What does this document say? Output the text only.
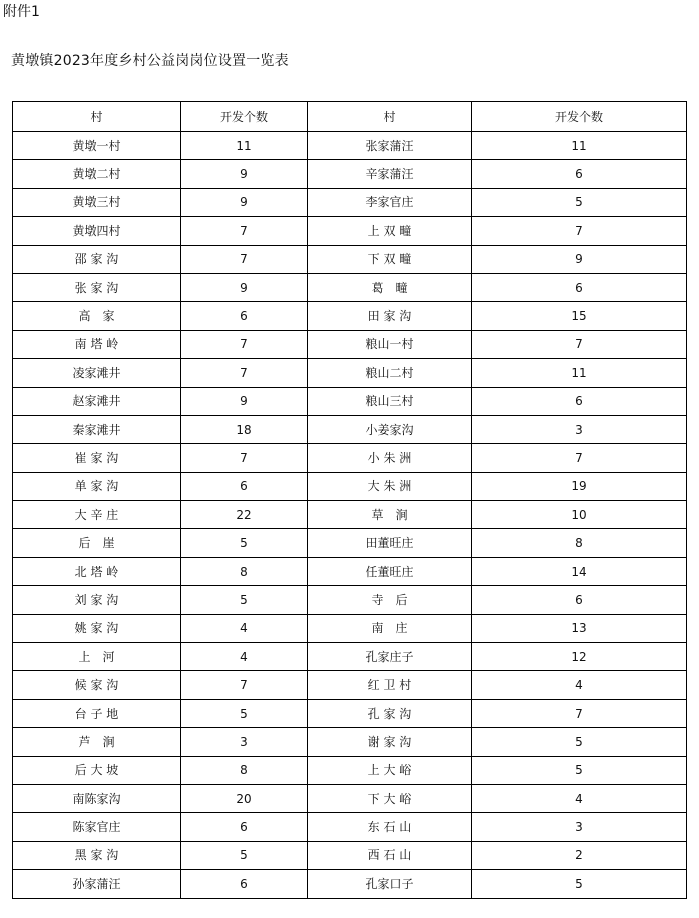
附件1
黄墩镇2023年度乡村公益岗岗位设置一览表
村	开发个数	村	开发个数
黄墩一村	11	张家蒲汪	11
黄墩二村	9	辛家蒲汪	6
黄墩三村	9	李家官庄	5
黄墩四村	7	上 双 疃	7
邵 家 沟	7	下 双 疃	9
张 家 沟	9	葛　疃	6
高　家	6	田 家 沟	15
南 塔 岭	7	粮山一村	7
凌家滩井	7	粮山二村	11
赵家滩井	9	粮山三村	6
秦家滩井	18	小姜家沟	3
崔 家 沟	7	小 朱 洲	7
单 家 沟	6	大 朱 洲	19
大 辛 庄	22	草　涧	10
后　崖	5	田董旺庄	8
北 塔 岭	8	任董旺庄	14
刘 家 沟	5	寺　后	6
姚 家 沟	4	南　庄	13
上　河	4	孔家庄子	12
候 家 沟	7	红 卫 村	4
台 子 地	5	孔 家 沟	7
芦　涧	3	谢 家 沟	5
后 大 坡	8	上 大 峪	5
南陈家沟	20	下 大 峪	4
陈家官庄	6	东 石 山	3
黑 家 沟	5	西 石 山	2
孙家蒲汪	6	孔家口子	5
